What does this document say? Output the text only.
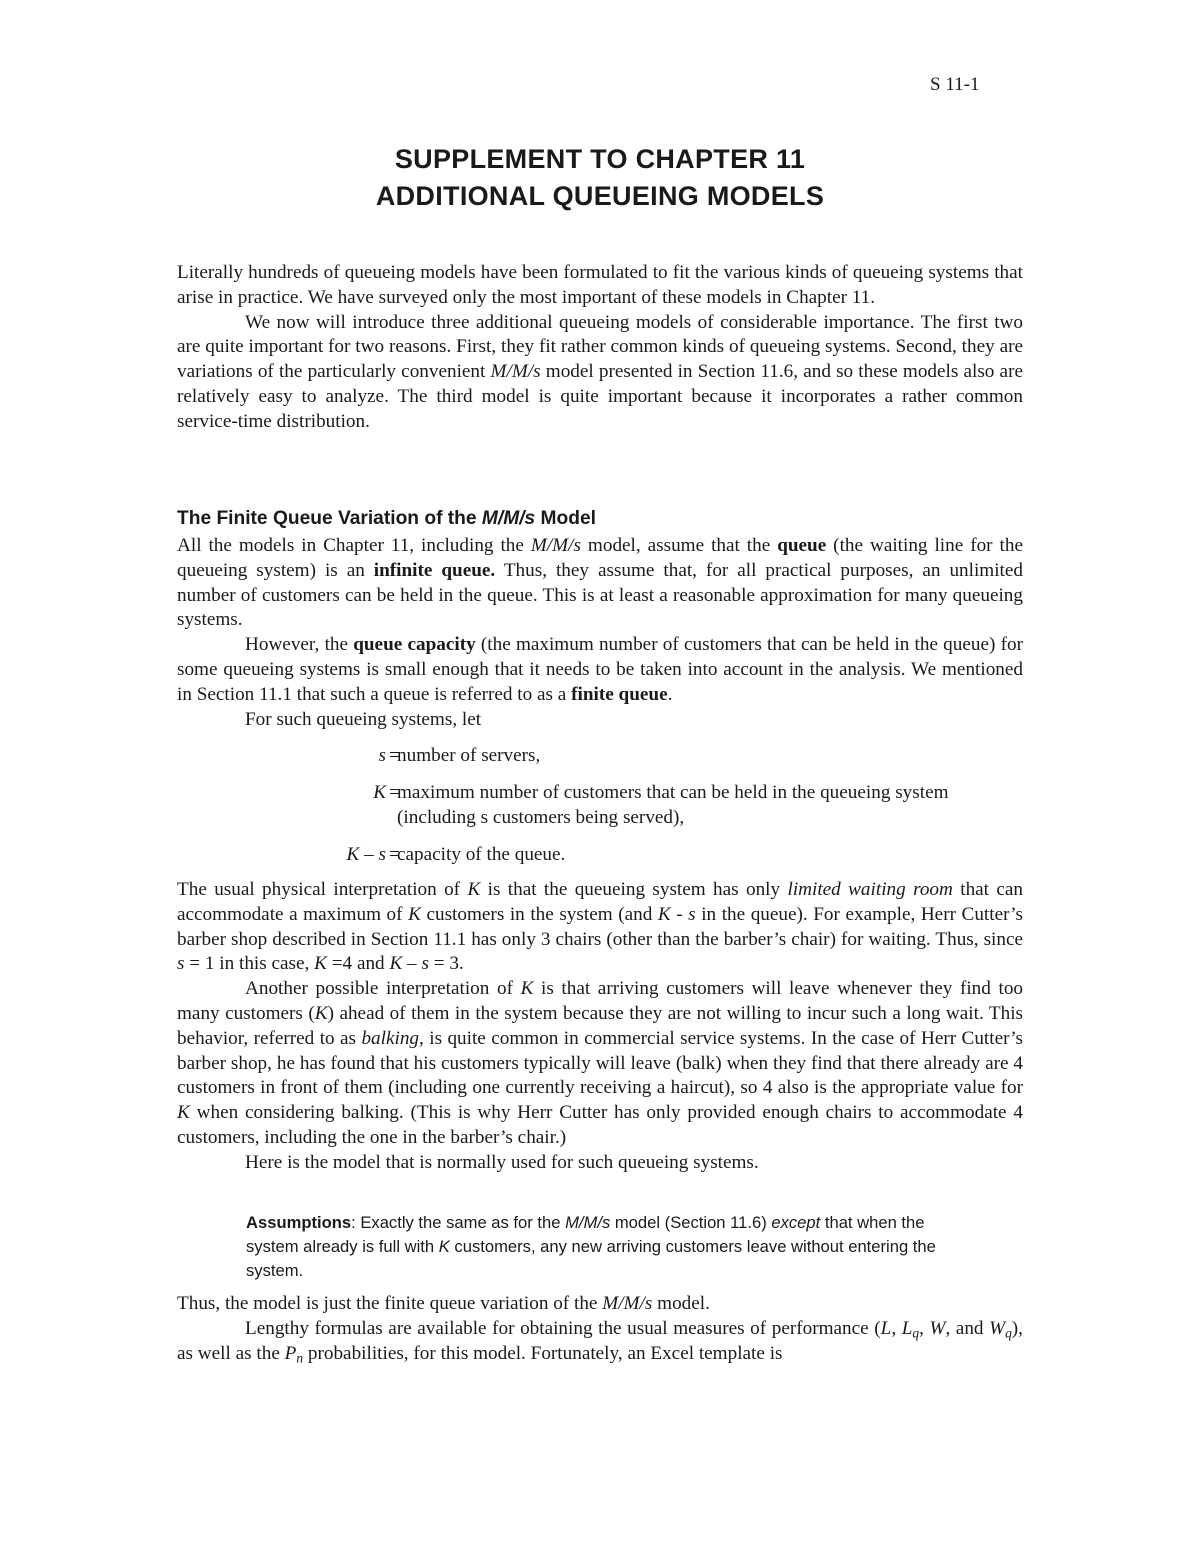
S 11-1
SUPPLEMENT TO CHAPTER 11
ADDITIONAL QUEUEING MODELS

Literally hundreds of queueing models have been formulated to fit the various kinds of queueing systems that arise in practice. We have surveyed only the most important of these models in Chapter 11.

We now will introduce three additional queueing models of considerable importance. The first two are quite important for two reasons. First, they fit rather common kinds of queueing systems. Second, they are variations of the particularly convenient M/M/s model presented in Section 11.6, and so these models also are relatively easy to analyze. The third model is quite important because it incorporates a rather common service-time distribution.

The Finite Queue Variation of the M/M/s Model

All the models in Chapter 11, including the M/M/s model, assume that the queue (the waiting line for the queueing system) is an infinite queue. Thus, they assume that, for all practical purposes, an unlimited number of customers can be held in the queue. This is at least a reasonable approximation for many queueing systems.

However, the queue capacity (the maximum number of customers that can be held in the queue) for some queueing systems is small enough that it needs to be taken into account in the analysis. We mentioned in Section 11.1 that such a queue is referred to as a finite queue.

For such queueing systems, let

s =
number of servers,
K =
maximum number of customers that can be held in the queueing system (including s customers being served),
K – s =
capacity of the queue.

The usual physical interpretation of K is that the queueing system has only limited waiting room that can accommodate a maximum of K customers in the system (and K - s in the queue). For example, Herr Cutter’s barber shop described in Section 11.1 has only 3 chairs (other than the barber’s chair) for waiting. Thus, since s = 1 in this case, K =4 and K – s = 3.

Another possible interpretation of K is that arriving customers will leave whenever they find too many customers (K) ahead of them in the system because they are not willing to incur such a long wait. This behavior, referred to as balking, is quite common in commercial service systems. In the case of Herr Cutter’s barber shop, he has found that his customers typically will leave (balk) when they find that there already are 4 customers in front of them (including one currently receiving a haircut), so 4 also is the appropriate value for K when considering balking. (This is why Herr Cutter has only provided enough chairs to accommodate 4 customers, including the one in the barber’s chair.)

Here is the model that is normally used for such queueing systems.

Assumptions: Exactly the same as for the M/M/s model (Section 11.6) except that when the system already is full with K customers, any new arriving customers leave without entering the system.

Thus, the model is just the finite queue variation of the M/M/s model.

Lengthy formulas are available for obtaining the usual measures of performance (L, $L_q$, W, and $W_q$), as well as the $P_n$ probabilities, for this model. Fortunately, an Excel template is
